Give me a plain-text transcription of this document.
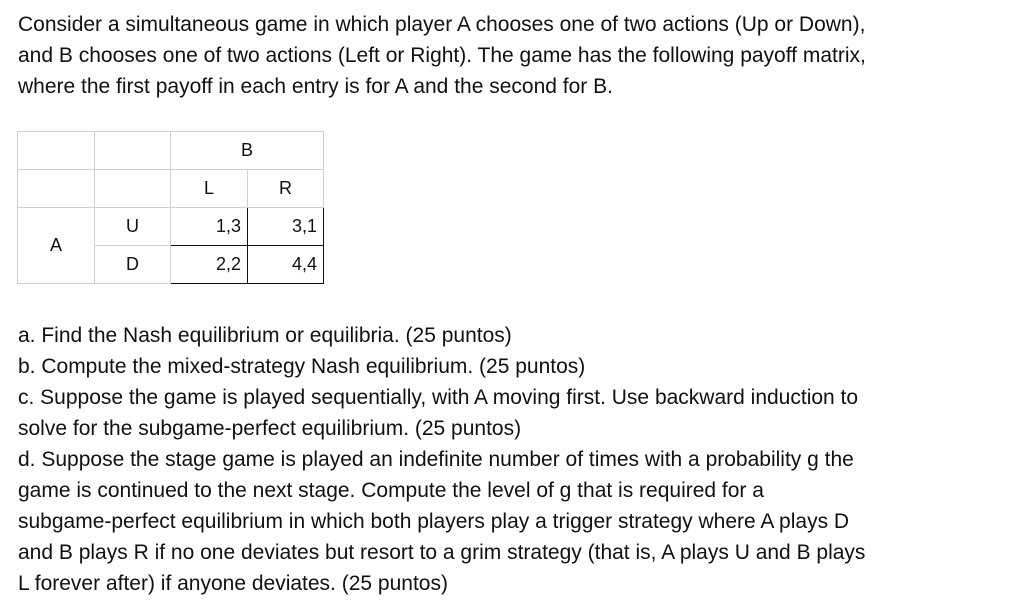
Consider a simultaneous game in which player A chooses one of two actions (Up or Down),

and B chooses one of two actions (Left or Right). The game has the following payoff matrix,

where the first payoff in each entry is for A and the second for B.

		B	
		L	R
A	U	1,3	3,1
	D	2,2	4,4

a. Find the Nash equilibrium or equilibria. (25 puntos)

b. Compute the mixed-strategy Nash equilibrium. (25 puntos)

c. Suppose the game is played sequentially, with A moving first. Use backward induction to

solve for the subgame-perfect equilibrium. (25 puntos)

d. Suppose the stage game is played an indefinite number of times with a probability g the

game is continued to the next stage. Compute the level of g that is required for a

subgame-perfect equilibrium in which both players play a trigger strategy where A plays D

and B plays R if no one deviates but resort to a grim strategy (that is, A plays U and B plays

L forever after) if anyone deviates. (25 puntos)
